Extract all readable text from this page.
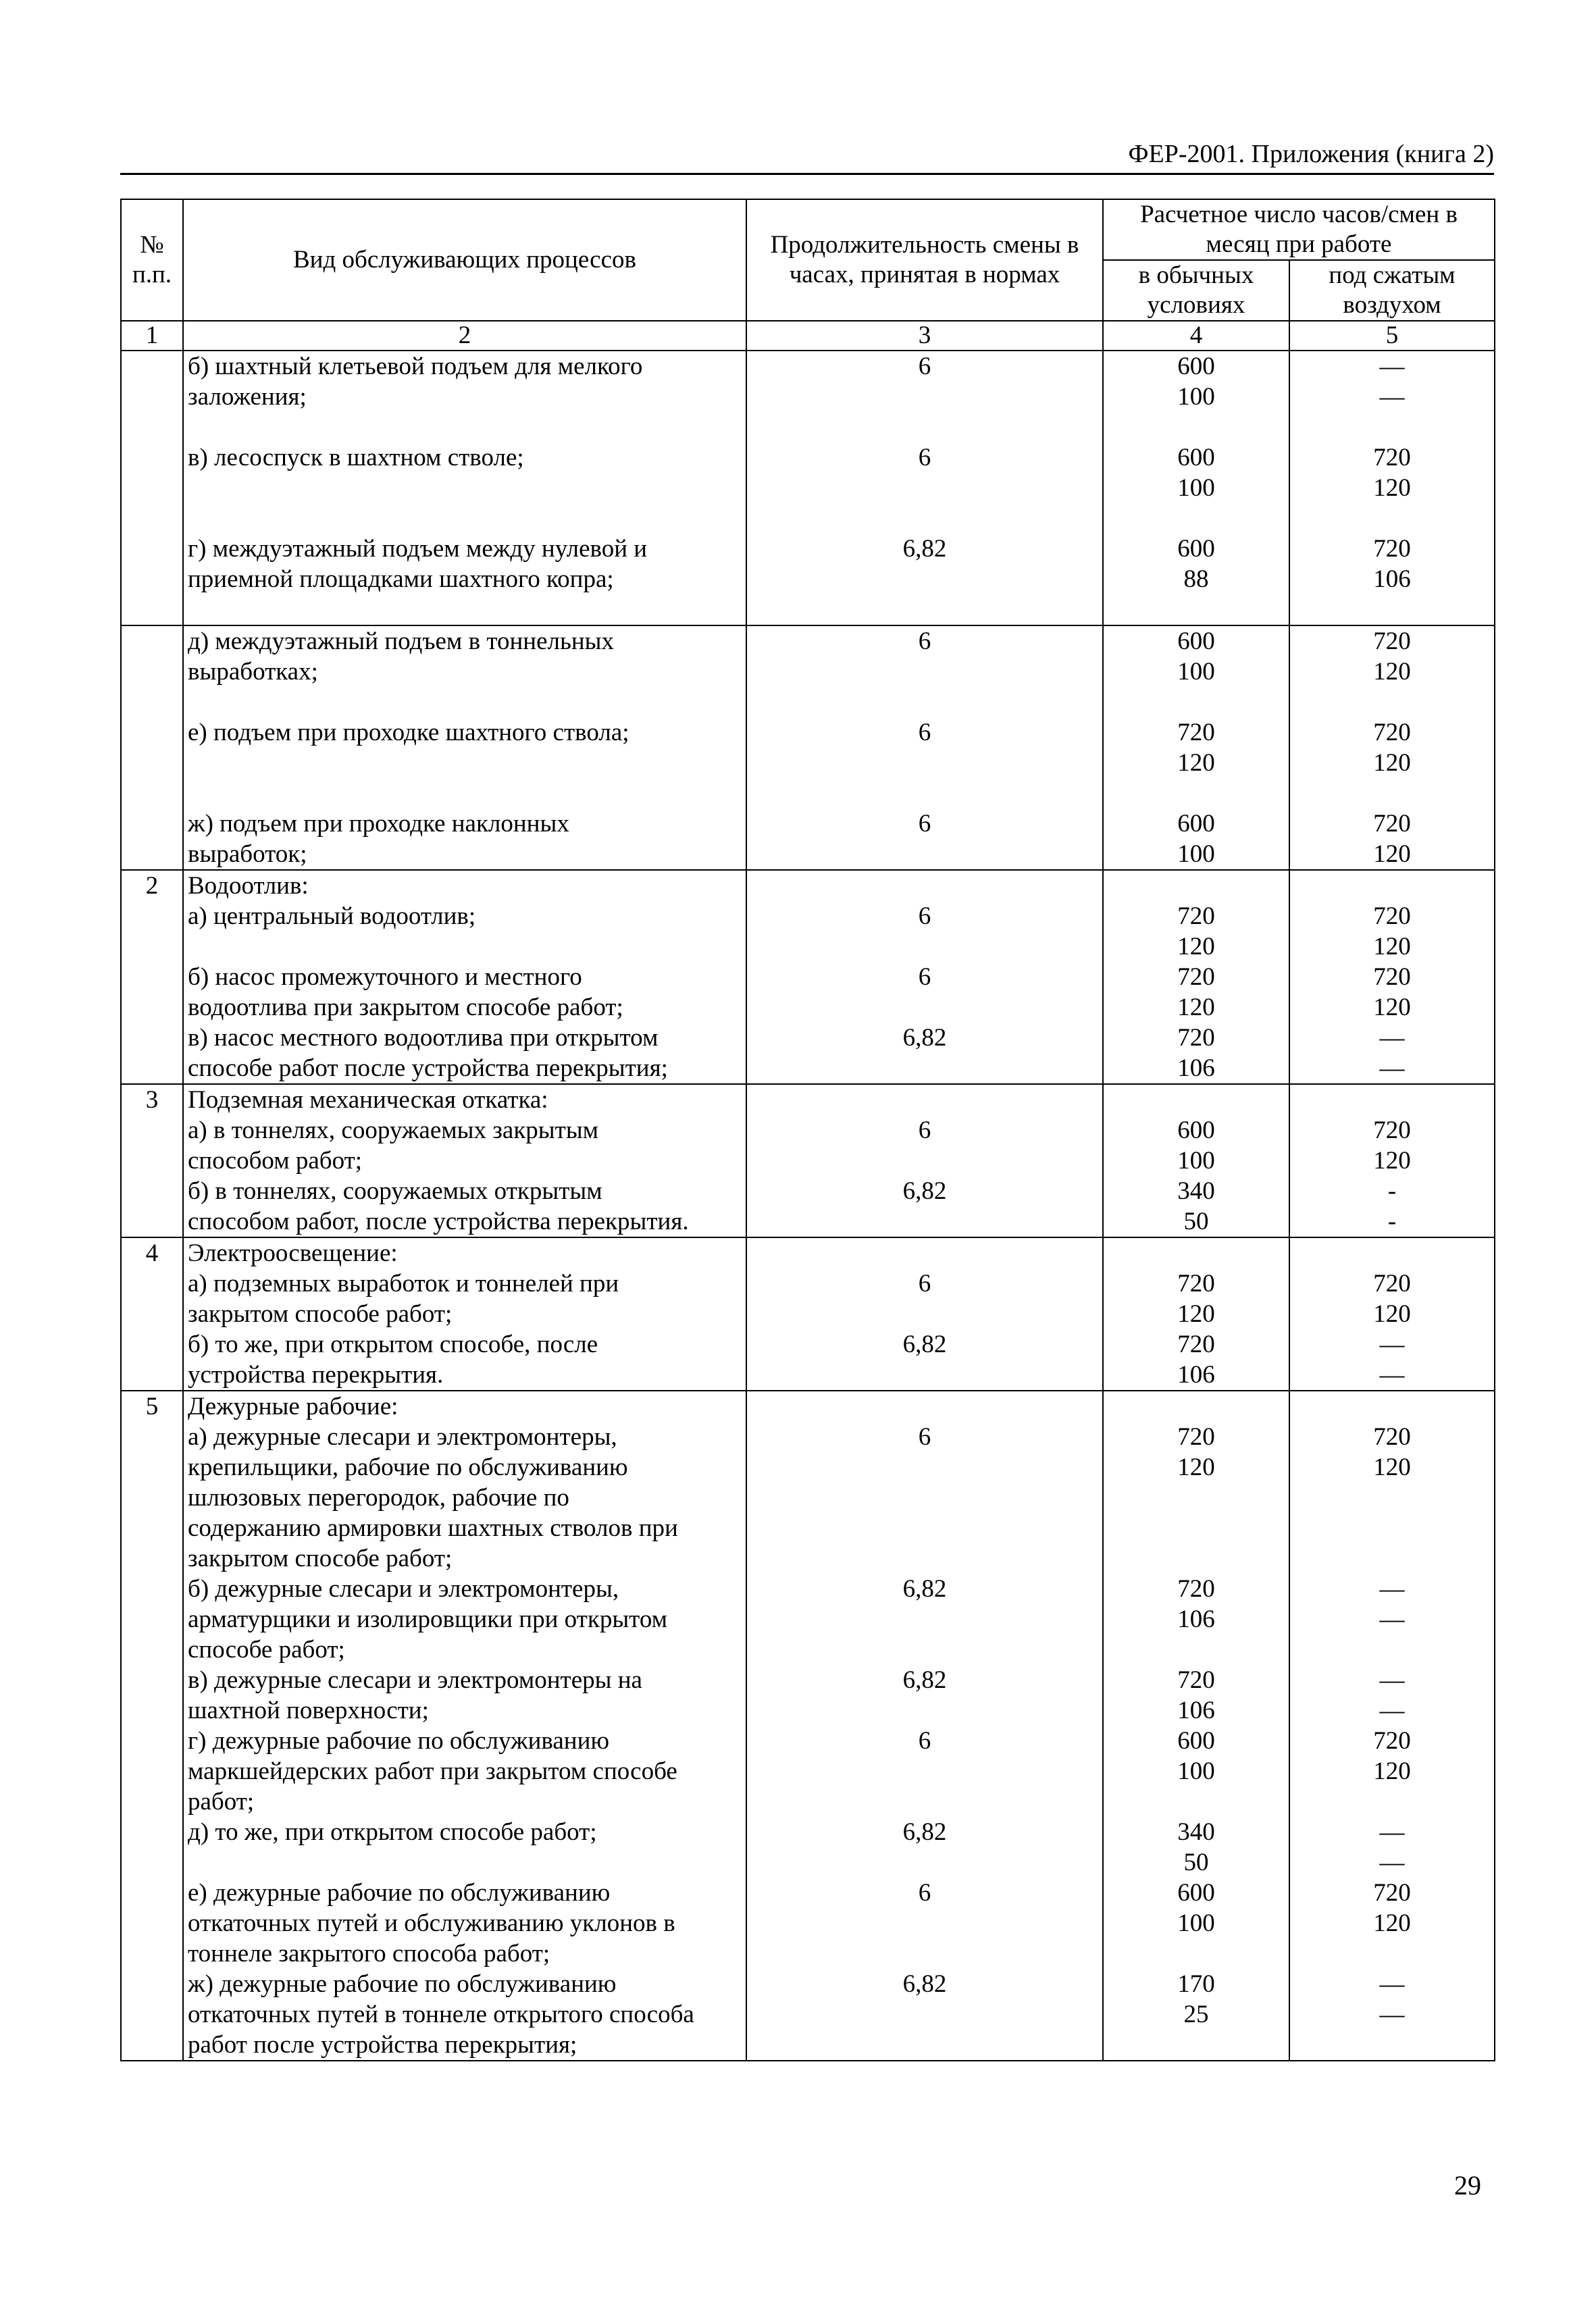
ФЕР-2001. Приложения (книга 2)
№ п.п.	Вид обслуживающих процессов	Продолжительность смены в часах, принятая в нормах	Расчетное число часов/смен в месяц при работе	
			в обычных условиях	под сжатым воздухом
1	2	3	4	5
	б) шахтный клетьевой подъем для мелкого	6	600	—
	заложения;		100	—

	в) лесоспуск в шахтном стволе;	6	600	720
			100	120

	г) междуэтажный подъем между нулевой и	6,82	600	720
	приемной площадками шахтного копра;		88	106

	д) междуэтажный подъем в тоннельных	6	600	720
	выработках;		100	120

	е) подъем при проходке шахтного ствола;	6	720	720
			120	120

	ж) подъем при проходке наклонных	6	600	720
	выработок;		100	120
2	Водоотлив:			
	а) центральный водоотлив;	6	720	720
			120	120
	б) насос промежуточного и местного	6	720	720
	водоотлива при закрытом способе работ;		120	120
	в) насос местного водоотлива при открытом	6,82	720	—
	способе работ после устройства перекрытия;		106	—
3	Подземная механическая откатка:			
	а) в тоннелях, сооружаемых закрытым	6	600	720
	способом работ;		100	120
	б) в тоннелях, сооружаемых открытым	6,82	340	-
	способом работ, после устройства перекрытия.		50	-
4	Электроосвещение:			
	а) подземных выработок и тоннелей при	6	720	720
	закрытом способе работ;		120	120
	б) то же, при открытом способе, после	6,82	720	—
	устройства перекрытия.		106	—
5	Дежурные рабочие:			
	а) дежурные слесари и электромонтеры,	6	720	720
	крепильщики, рабочие по обслуживанию		120	120
	шлюзовых перегородок, рабочие по			
	содержанию армировки шахтных стволов при			
	закрытом способе работ;			
	б) дежурные слесари и электромонтеры,	6,82	720	—
	арматурщики и изолировщики при открытом		106	—
	способе работ;			
	в) дежурные слесари и электромонтеры на	6,82	720	—
	шахтной поверхности;		106	—
	г) дежурные рабочие по обслуживанию	6	600	720
	маркшейдерских работ при закрытом способе		100	120
	работ;			
	д) то же, при открытом способе работ;	6,82	340	—
			50	—
	е) дежурные рабочие по обслуживанию	6	600	720
	откаточных путей и обслуживанию уклонов в		100	120
	тоннеле закрытого способа работ;			
	ж) дежурные рабочие по обслуживанию	6,82	170	—
	откаточных путей в тоннеле открытого способа		25	—
	работ после устройства перекрытия;			
29
